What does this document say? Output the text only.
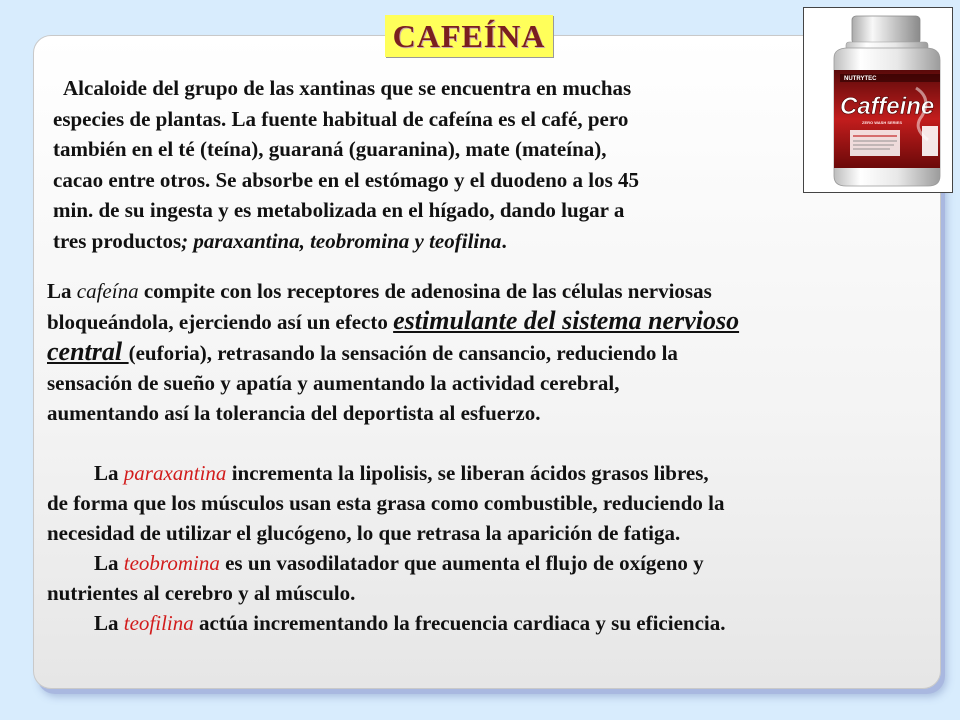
CAFEÍNA
NUTRYTEC
Caffeine
ZERO WASH SERIES
Alcaloide del grupo de las xantinas que se encuentra en muchas
especies de plantas. La fuente habitual de cafeína es el café, pero
también en el té (teína), guaraná (guaranina), mate (mateína),
cacao entre otros. Se absorbe en el estómago y el duodeno a los 45
min. de su ingesta y es metabolizada en el hígado, dando lugar a
tres productos; paraxantina, teobromina y teofilina.
La cafeína compite con los receptores de adenosina de las células nerviosas
bloqueándola, ejerciendo así un efecto estimulante del sistema nervioso
central (euforia), retrasando la sensación de cansancio, reduciendo la
sensación de sueño y apatía y aumentando la actividad cerebral,
aumentando así la tolerancia del deportista al esfuerzo.
La paraxantina incrementa la lipolisis, se liberan ácidos grasos libres,
de forma que los músculos usan esta grasa como combustible, reduciendo la
necesidad de utilizar el glucógeno, lo que retrasa la aparición de fatiga.
La teobromina es un vasodilatador que aumenta el flujo de oxígeno y
nutrientes al cerebro y al músculo.
La teofilina actúa incrementando la frecuencia cardiaca y su eficiencia.
